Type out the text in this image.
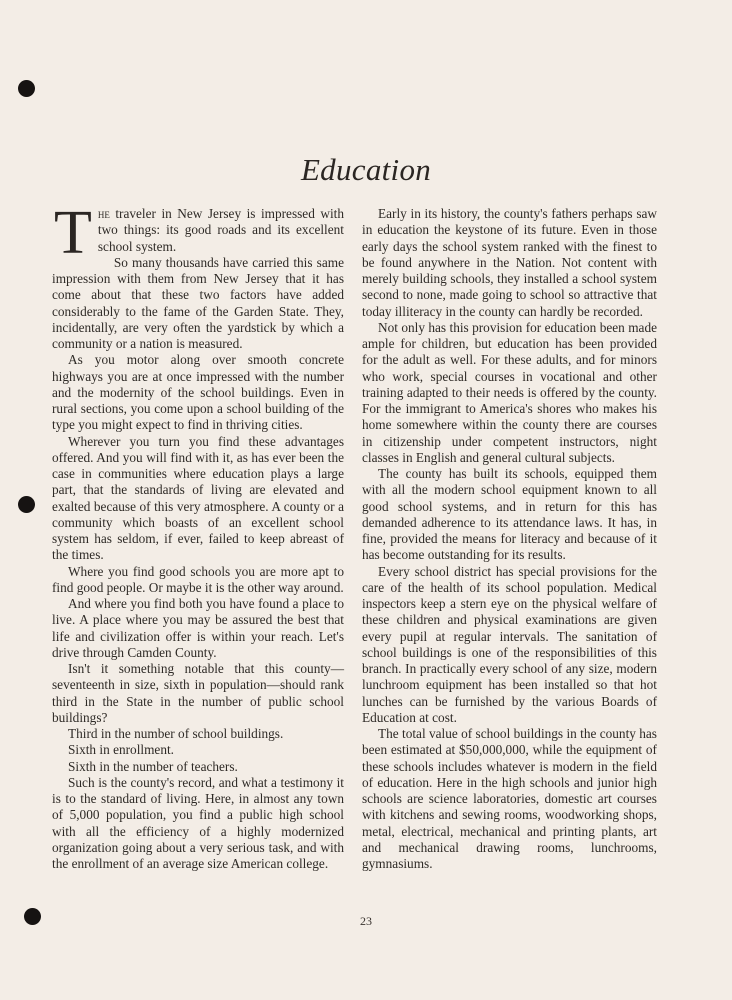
Education

The traveler in New Jersey is impressed with two things: its good roads and its excellent school system.

So many thousands have carried this same impression with them from New Jersey that it has come about that these two factors have added considerably to the fame of the Garden State. They, incidentally, are very often the yardstick by which a community or a nation is measured.

As you motor along over smooth concrete highways you are at once impressed with the number and the modernity of the school buildings. Even in rural sections, you come upon a school building of the type you might expect to find in thriving cities.

Wherever you turn you find these advantages offered. And you will find with it, as has ever been the case in communities where education plays a large part, that the standards of living are elevated and exalted because of this very atmosphere. A county or a community which boasts of an excellent school system has seldom, if ever, failed to keep abreast of the times.

Where you find good schools you are more apt to find good people. Or maybe it is the other way around.

And where you find both you have found a place to live. A place where you may be assured the best that life and civilization offer is within your reach. Let's drive through Camden County.

Isn't it something notable that this county—seventeenth in size, sixth in population—should rank third in the State in the number of public school buildings?

Third in the number of school buildings.

Sixth in enrollment.

Sixth in the number of teachers.

Such is the county's record, and what a testimony it is to the standard of living. Here, in almost any town of 5,000 population, you find a public high school with all the efficiency of a highly modernized organization going about a very serious task, and with the enrollment of an average size American college.

Early in its history, the county's fathers perhaps saw in education the keystone of its future. Even in those early days the school system ranked with the finest to be found anywhere in the Nation. Not content with merely building schools, they installed a school system second to none, made going to school so attractive that today illiteracy in the county can hardly be recorded.

Not only has this provision for education been made ample for children, but education has been provided for the adult as well. For these adults, and for minors who work, special courses in vocational and other training adapted to their needs is offered by the county. For the immigrant to America's shores who makes his home somewhere within the county there are courses in citizenship under competent instructors, night classes in English and general cultural subjects.

The county has built its schools, equipped them with all the modern school equipment known to all good school systems, and in return for this has demanded adherence to its attendance laws. It has, in fine, provided the means for literacy and because of it has become outstanding for its results.

Every school district has special provisions for the care of the health of its school population. Medical inspectors keep a stern eye on the physical welfare of these children and physical examinations are given every pupil at regular intervals. The sanitation of school buildings is one of the responsibilities of this branch. In practically every school of any size, modern lunchroom equipment has been installed so that hot lunches can be furnished by the various Boards of Education at cost.

The total value of school buildings in the county has been estimated at $50,000,000, while the equipment of these schools includes whatever is modern in the field of education. Here in the high schools and junior high schools are science laboratories, domestic art courses with kitchens and sewing rooms, woodworking shops, metal, electrical, mechanical and printing plants, art and mechanical drawing rooms, lunchrooms, gymnasiums.

23
